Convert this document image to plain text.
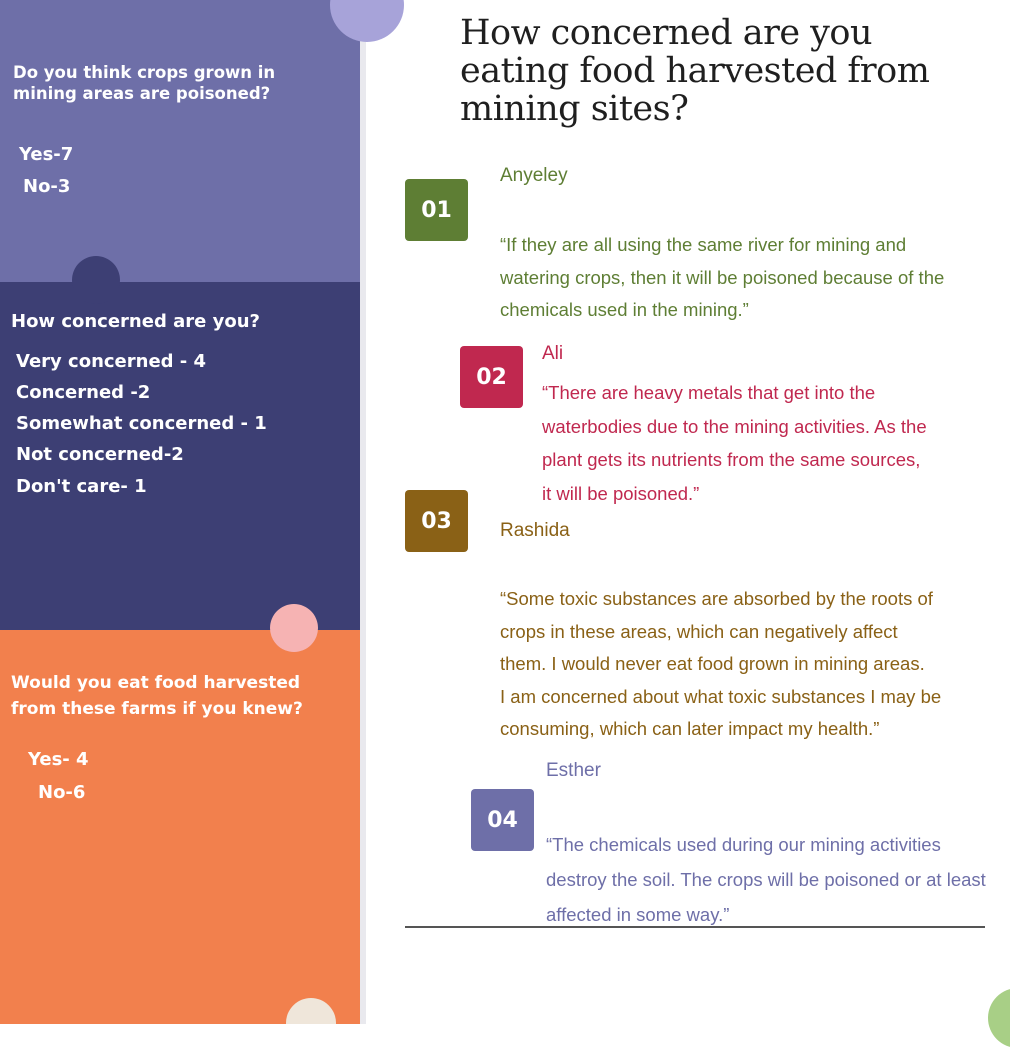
Do you think crops grown in
mining areas are poisoned?

Yes-7
No-3

How concerned are you?

Very concerned - 4
Concerned -2
Somewhat concerned - 1
Not concerned-2
Don't care- 1

Would you eat food harvested
from these farms if you knew?

Yes- 4
No-6
How concerned are you
eating food harvested from
mining sites?
01
Anyeley
“If they are all using the same river for mining and
watering crops, then it will be poisoned because of the
chemicals used in the mining.”
02
Ali
“There are heavy metals that get into the
waterbodies due to the mining activities. As the
plant gets its nutrients from the same sources,
it will be poisoned.”
03	Rashida
“Some toxic substances are absorbed by the roots of
crops in these areas, which can negatively affect
them. I would never eat food grown in mining areas.
I am concerned about what toxic substances I may be
consuming, which can later impact my health.”
04
Esther
“The chemicals used during our mining activities
destroy the soil. The crops will be poisoned or at least
affected in some way.”
